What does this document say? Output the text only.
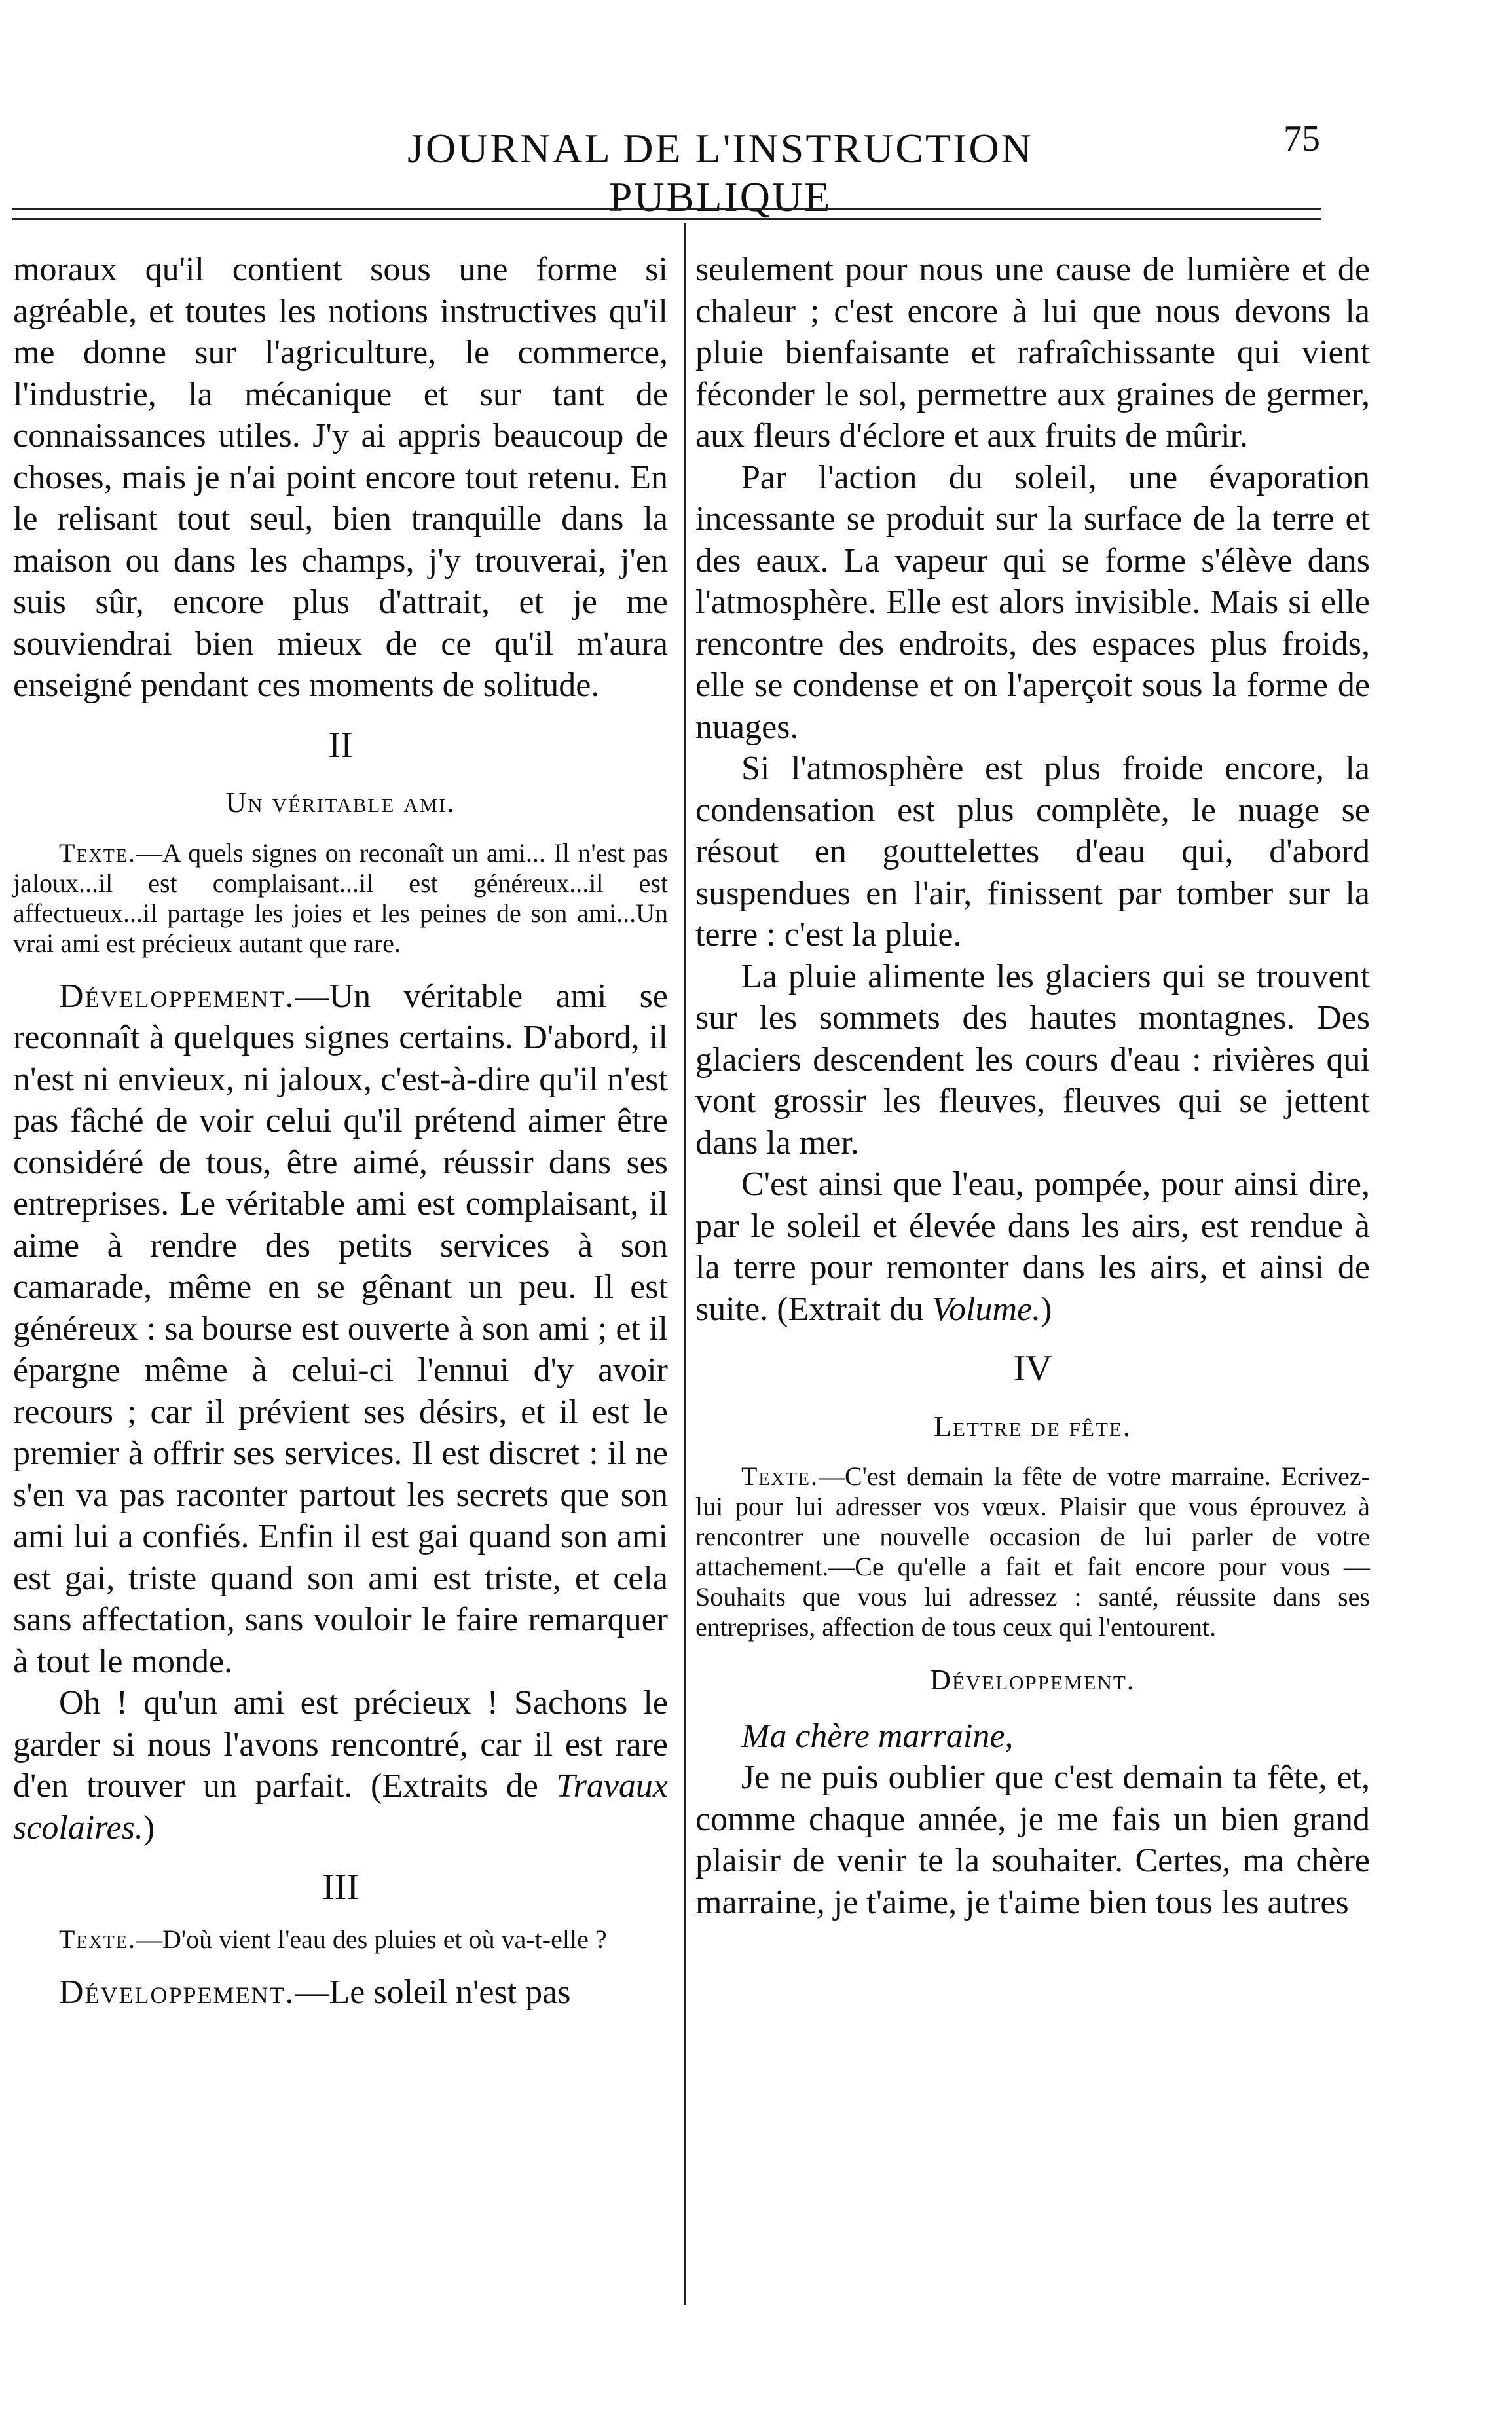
JOURNAL DE L'INSTRUCTION PUBLIQUE
75

moraux qu'il contient sous une forme si agréable, et toutes les notions instructives qu'il me donne sur l'agriculture, le commerce, l'industrie, la mécanique et sur tant de connaissances utiles. J'y ai appris beaucoup de choses, mais je n'ai point encore tout retenu. En le relisant tout seul, bien tranquille dans la maison ou dans les champs, j'y trouverai, j'en suis sûr, encore plus d'attrait, et je me souviendrai bien mieux de ce qu'il m'aura enseigné pendant ces moments de solitude.

II
Un véritable ami.
Texte.—A quels signes on reconaît un ami... Il n'est pas jaloux...il est complaisant...il est généreux...il est affectueux...il partage les joies et les peines de son ami...Un vrai ami est précieux autant que rare.

Développement.—Un véritable ami se reconnaît à quelques signes certains. D'abord, il n'est ni envieux, ni jaloux, c'est-à-dire qu'il n'est pas fâché de voir celui qu'il prétend aimer être considéré de tous, être aimé, réussir dans ses entreprises. Le véritable ami est complaisant, il aime à rendre des petits services à son camarade, même en se gênant un peu. Il est généreux : sa bourse est ouverte à son ami ; et il épargne même à celui-ci l'ennui d'y avoir recours ; car il prévient ses désirs, et il est le premier à offrir ses services. Il est discret : il ne s'en va pas raconter partout les secrets que son ami lui a confiés. Enfin il est gai quand son ami est gai, triste quand son ami est triste, et cela sans affectation, sans vouloir le faire remarquer à tout le monde.

Oh ! qu'un ami est précieux ! Sachons le garder si nous l'avons rencontré, car il est rare d'en trouver un parfait. (Extraits de Travaux scolaires.)

III
Texte.—D'où vient l'eau des pluies et où va-t-elle ?

Développement.—Le soleil n'est pas

seulement pour nous une cause de lumière et de chaleur ; c'est encore à lui que nous devons la pluie bienfaisante et rafraîchissante qui vient féconder le sol, permettre aux graines de germer, aux fleurs d'éclore et aux fruits de mûrir.

Par l'action du soleil, une évaporation incessante se produit sur la surface de la terre et des eaux. La vapeur qui se forme s'élève dans l'atmosphère. Elle est alors invisible. Mais si elle rencontre des endroits, des espaces plus froids, elle se condense et on l'aperçoit sous la forme de nuages.

Si l'atmosphère est plus froide encore, la condensation est plus complète, le nuage se résout en gouttelettes d'eau qui, d'abord suspendues en l'air, finissent par tomber sur la terre : c'est la pluie.

La pluie alimente les glaciers qui se trouvent sur les sommets des hautes montagnes. Des glaciers descendent les cours d'eau : rivières qui vont grossir les fleuves, fleuves qui se jettent dans la mer.

C'est ainsi que l'eau, pompée, pour ainsi dire, par le soleil et élevée dans les airs, est rendue à la terre pour remonter dans les airs, et ainsi de suite. (Extrait du Volume.)

IV
Lettre de fête.
Texte.—C'est demain la fête de votre marraine. Ecrivez-lui pour lui adresser vos vœux. Plaisir que vous éprouvez à rencontrer une nouvelle occasion de lui parler de votre attachement.—Ce qu'elle a fait et fait encore pour vous — Souhaits que vous lui adressez : santé, réussite dans ses entreprises, affection de tous ceux qui l'entourent.
Développement.

Ma chère marraine,

Je ne puis oublier que c'est demain ta fête, et, comme chaque année, je me fais un bien grand plaisir de venir te la souhaiter. Certes, ma chère marraine, je t'aime, je t'aime bien tous les autres
